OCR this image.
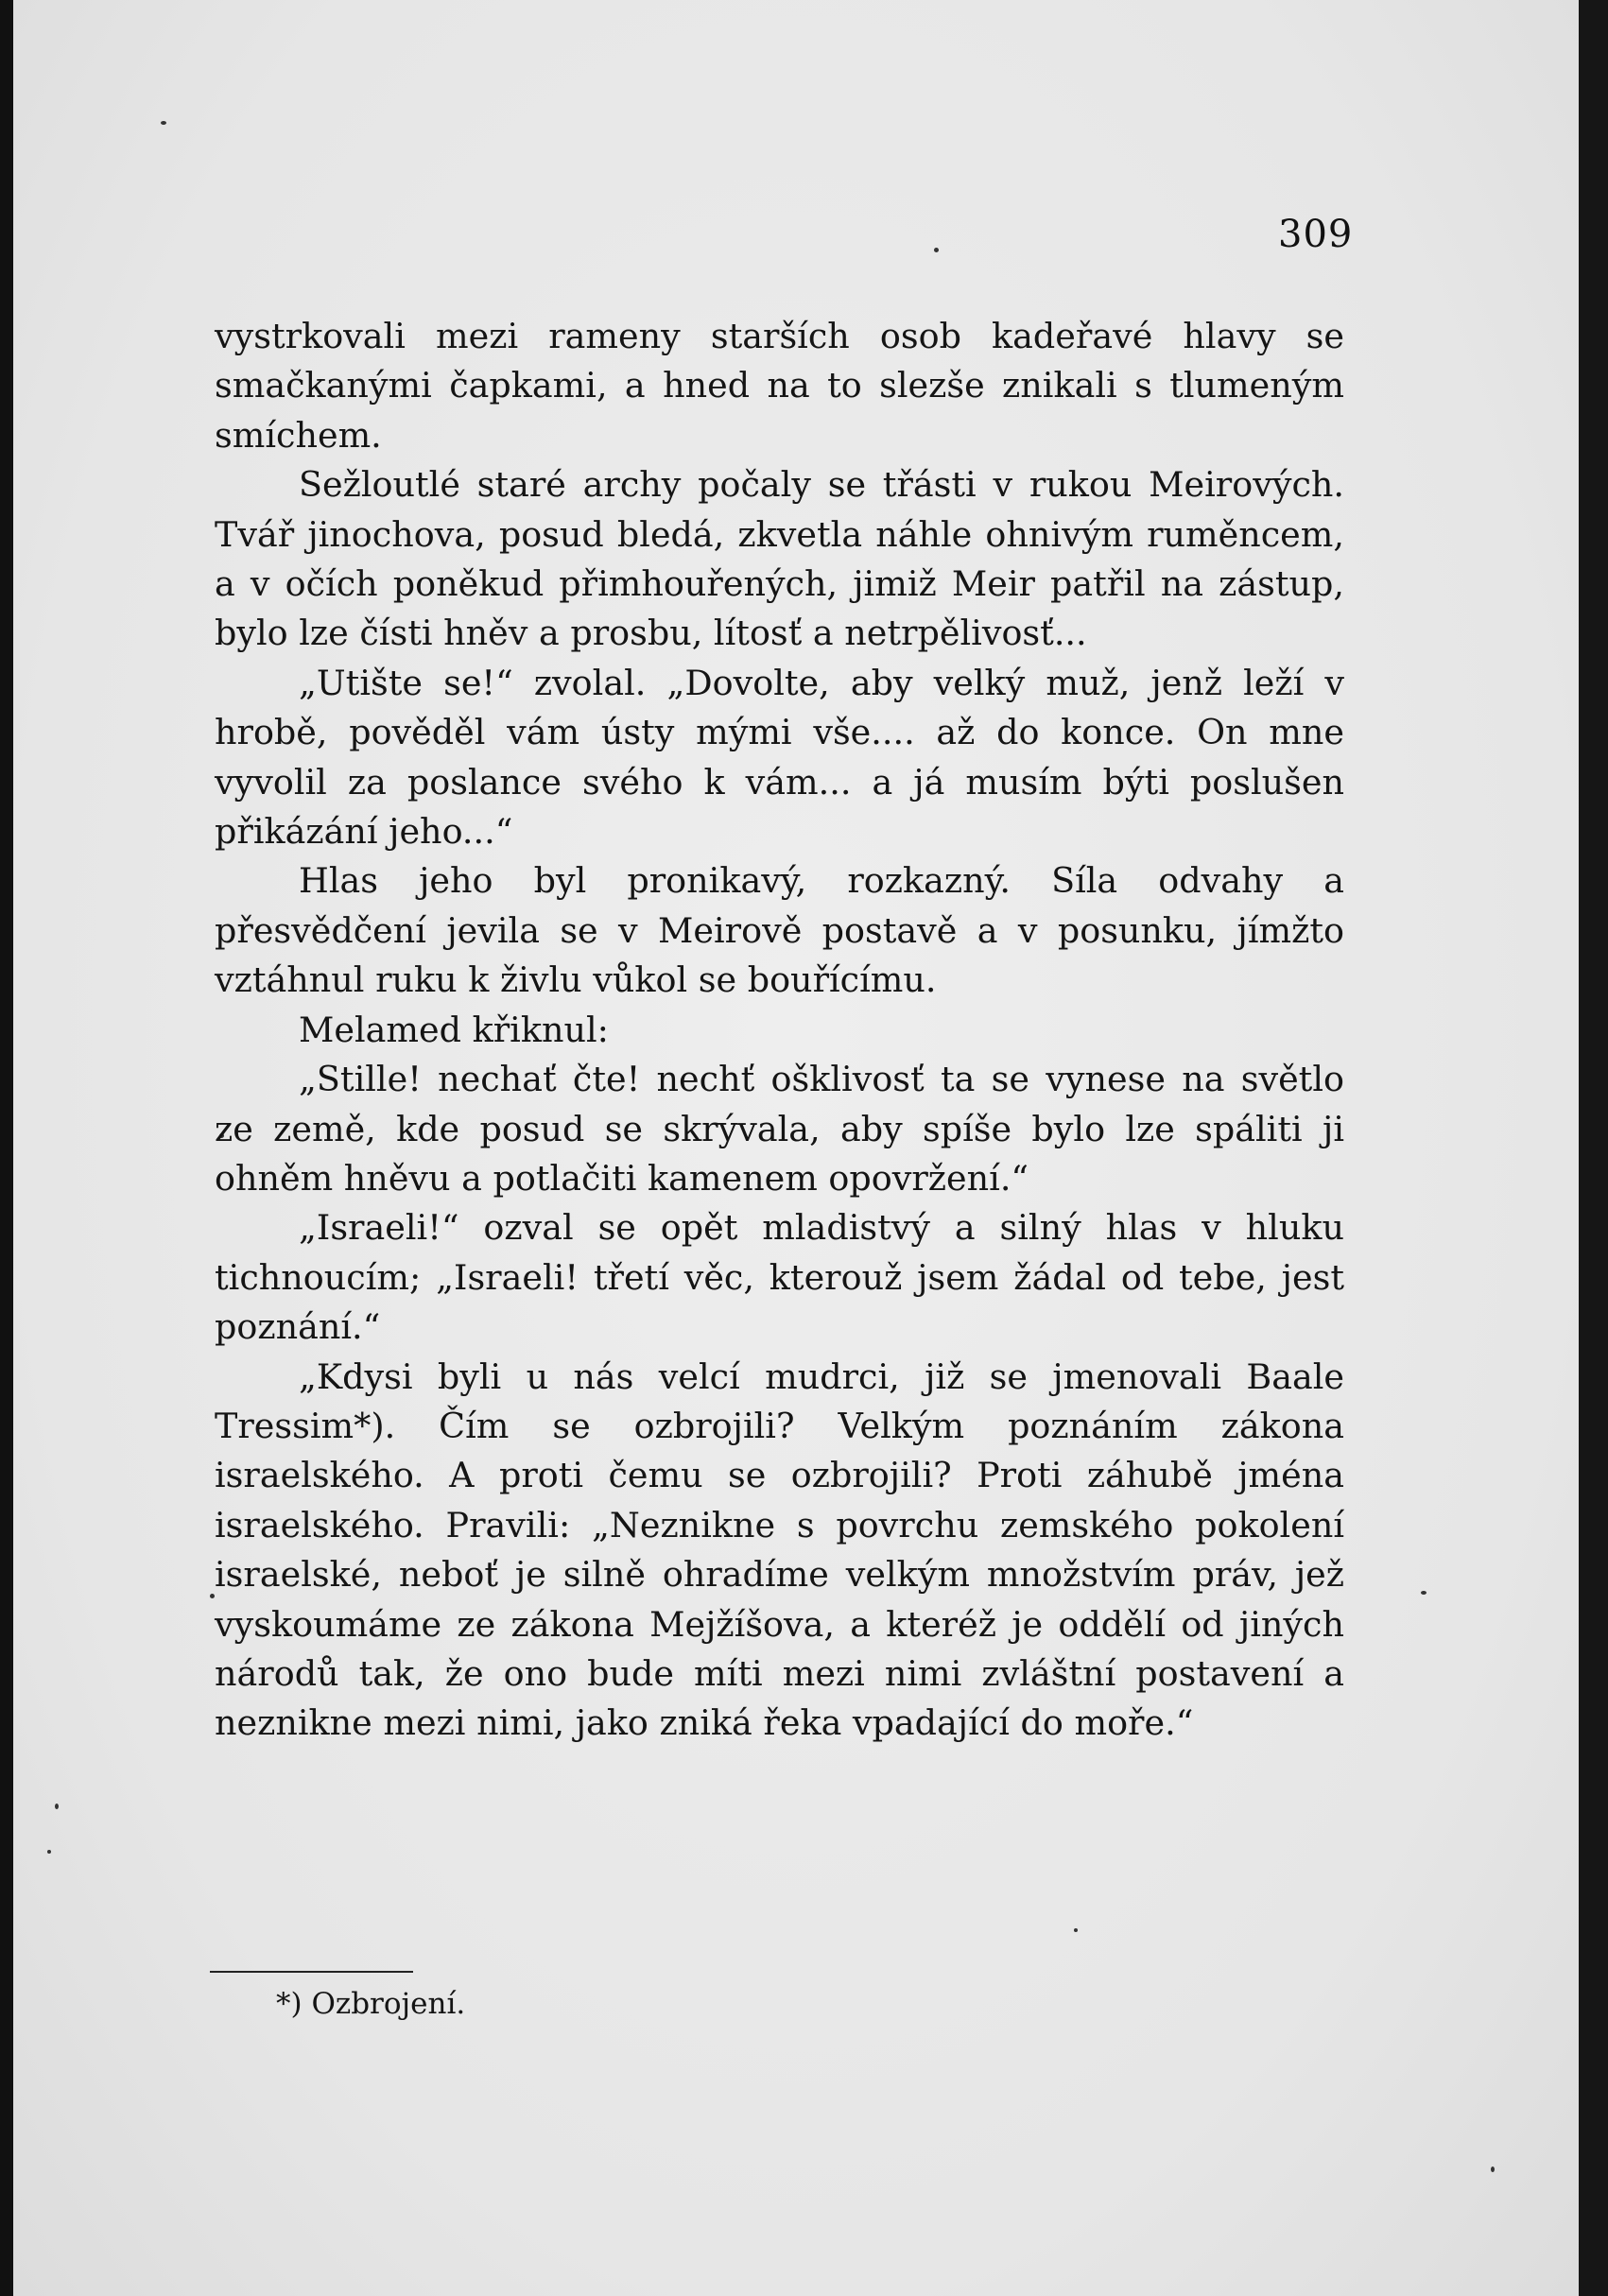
309

vystrkovali mezi rameny starších osob kadeřavé hlavy se smačkanými čapkami, a hned na to slezše znikali s tlumeným smíchem.

Sežloutlé staré archy počaly se třásti v rukou Meirových. Tvář jinochova, posud bledá, zkvetla náhle ohnivým ruměncem, a v očích poněkud přimhouřených, jimiž Meir patřil na zástup, bylo lze čísti hněv a prosbu, lítosť a netrpělivosť...

„Utište se!“ zvolal. „Dovolte, aby velký muž, jenž leží v hrobě, pověděl vám ústy mými vše.... až do konce. On mne vyvolil za poslance svého k vám... a já musím býti poslušen přikázání jeho...“

Hlas jeho byl pronikavý, rozkazný. Síla odvahy a přesvědčení jevila se v Meirově postavě a v posunku, jímžto vztáhnul ruku k živlu vůkol se bouřícímu.

Melamed křiknul:

„Stille! nechať čte! nechť ošklivosť ta se vynese na světlo ze země, kde posud se skrývala, aby spíše bylo lze spáliti ji ohněm hněvu a potlačiti kamenem opovržení.“

„Israeli!“ ozval se opět mladistvý a silný hlas v hluku tichnoucím; „Israeli! třetí věc, kterouž jsem žádal od tebe, jest poznání.“

„Kdysi byli u nás velcí mudrci, již se jmenovali Baale Tressim*). Čím se ozbrojili? Velkým poznáním zákona israelského. A proti čemu se ozbrojili? Proti záhubě jména israelského. Pravili: „Neznikne s povrchu zemského pokolení israelské, neboť je silně ohradíme velkým množstvím práv, jež vyskoumáme ze zákona Mejžíšova, a kteréž je oddělí od jiných národů tak, že ono bude míti mezi nimi zvláštní postavení a neznikne mezi nimi, jako zniká řeka vpadající do moře.“

*) Ozbrojení.
